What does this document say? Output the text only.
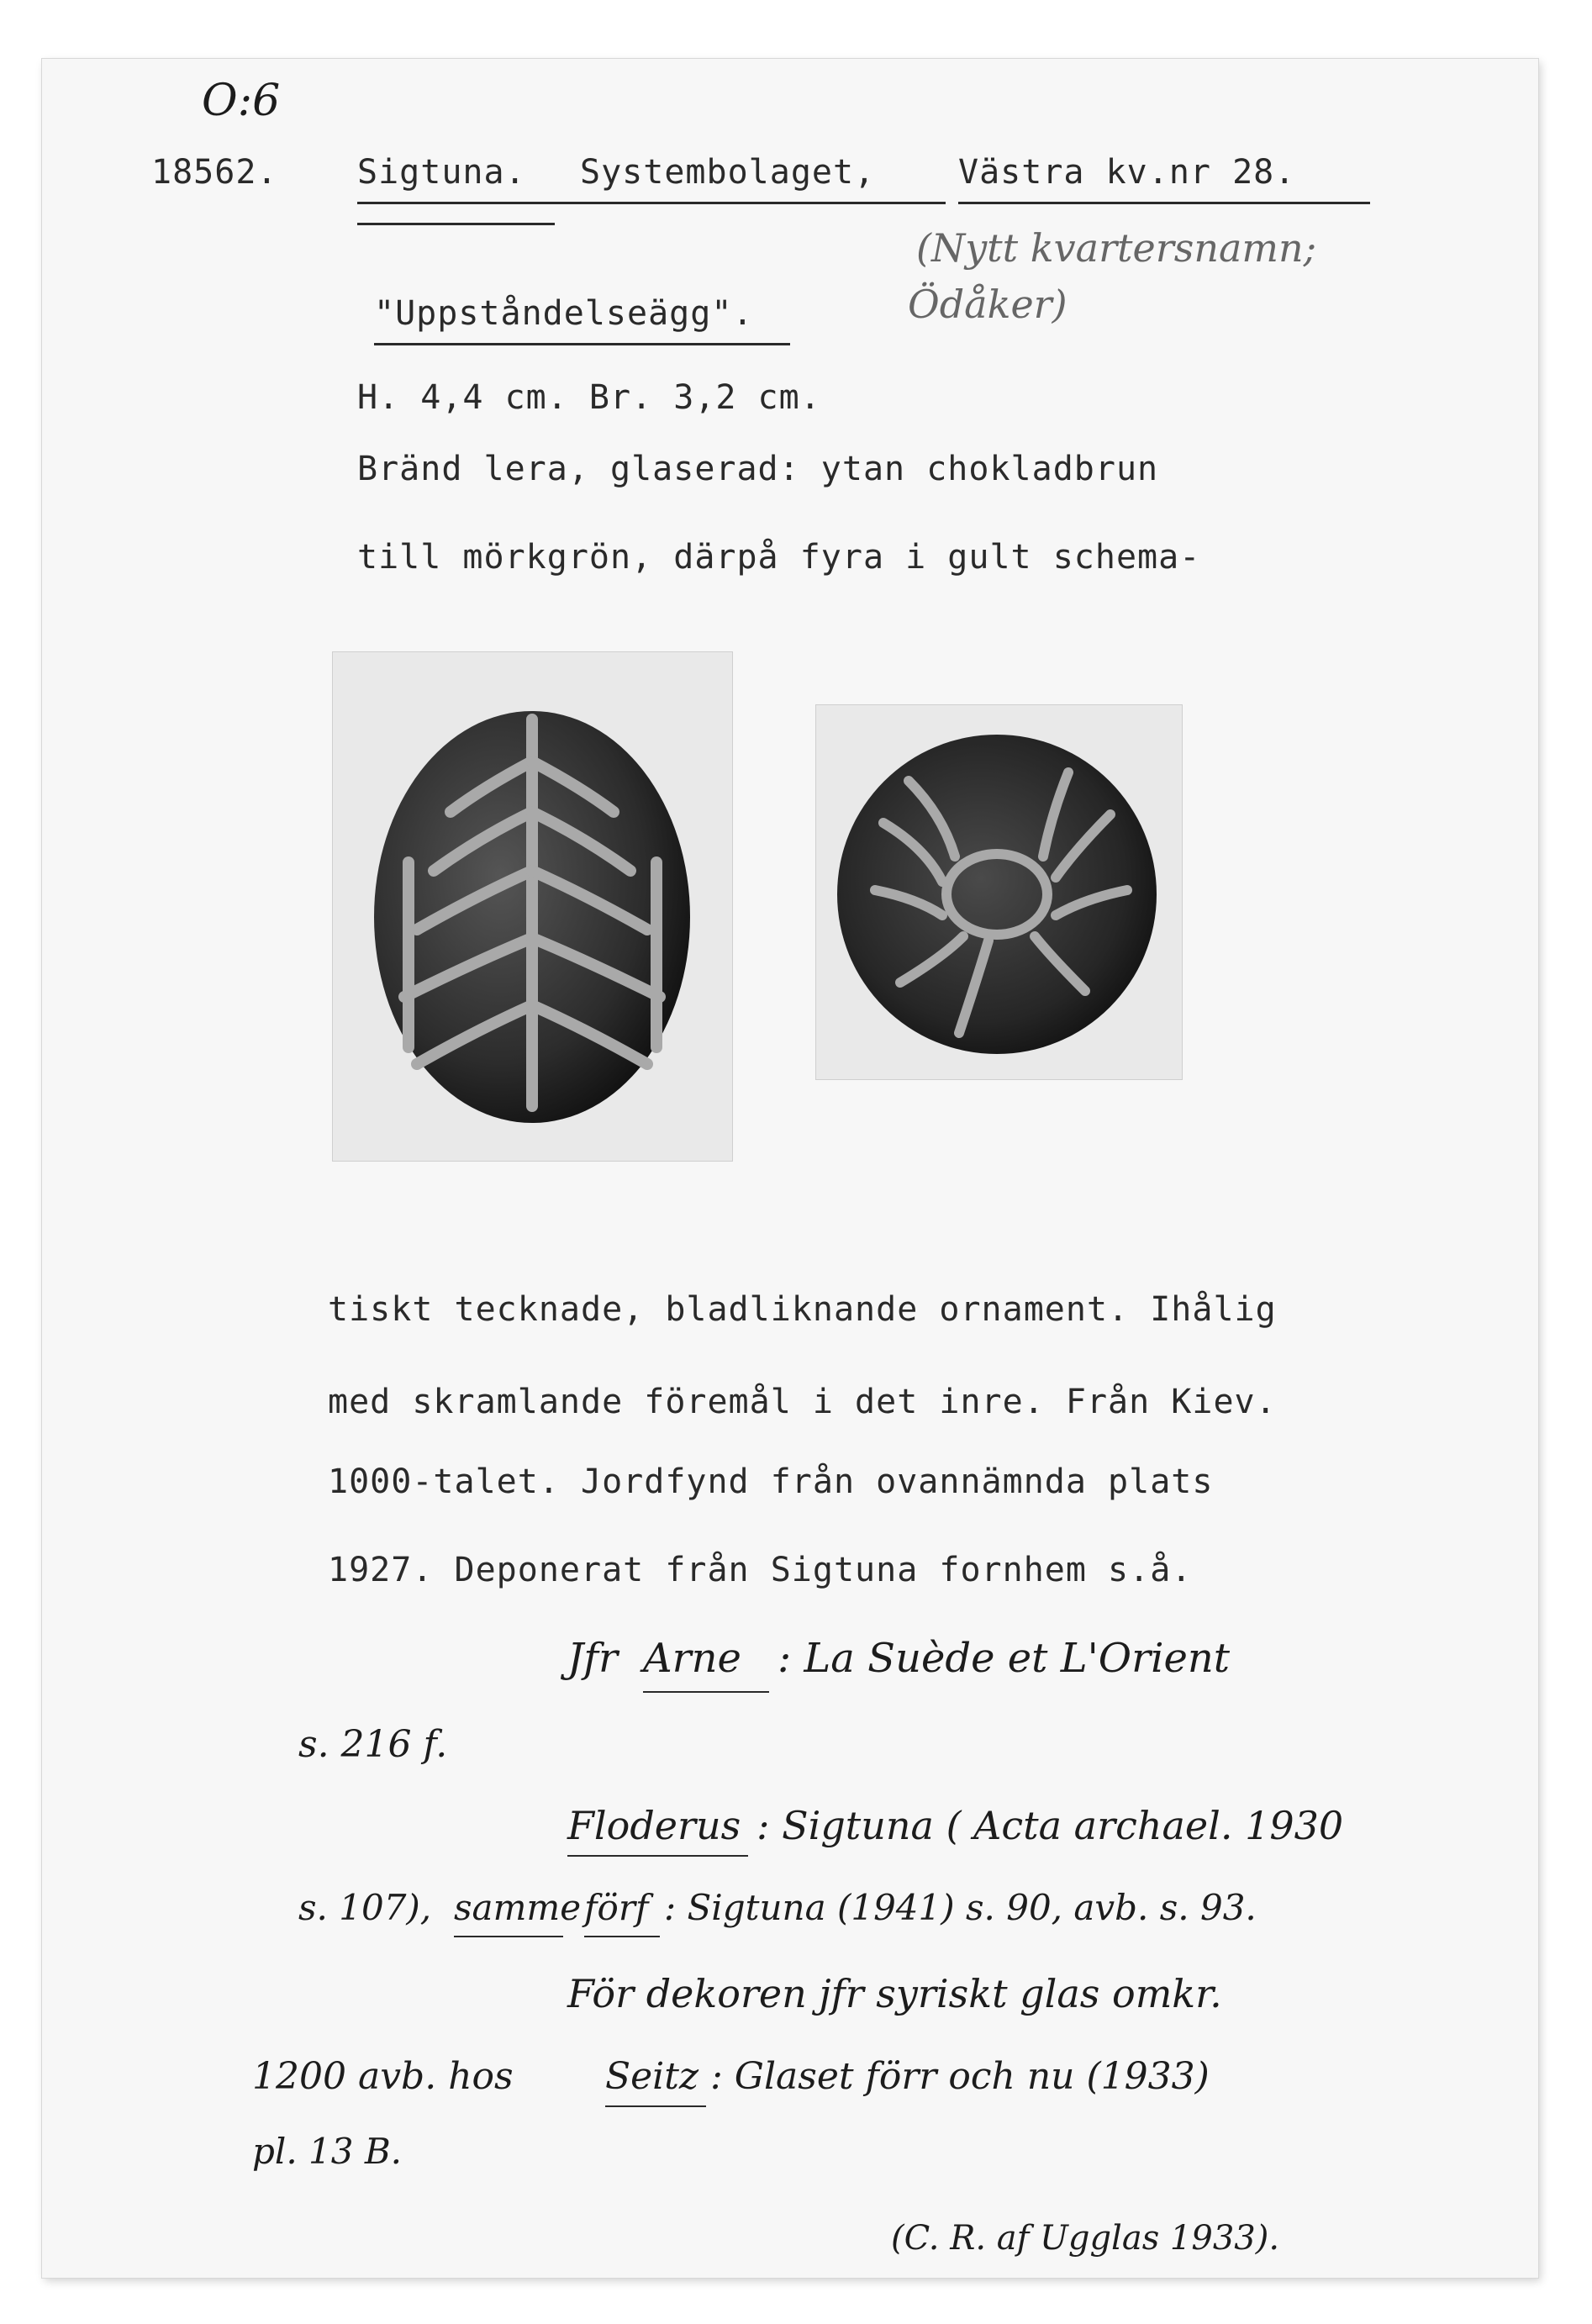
O:6
18562. Sigtuna. Systembolaget, Västra kv.nr 28.
(Nytt kvartersnamn;
Ödåker)
"Uppståndelseägg".
H. 4,4 cm. Br. 3,2 cm.
Bränd lera, glaserad: ytan chokladbrun
till mörkgrön, därpå fyra i gult schema-
tiskt tecknade, bladliknande ornament. Ihålig
med skramlande föremål i det inre. Från Kiev.
1000-talet. Jordfynd från ovannämnda plats
1927. Deponerat från Sigtuna fornhem s.å.
Jfr Arne : La Suède et L'Orient
s. 216 f.
Floderus : Sigtuna ( Acta archael. 1930
s. 107), samme förf : Sigtuna (1941) s. 90, avb. s. 93.
För dekoren jfr syriskt glas omkr.
1200 avb. hos Seitz : Glaset förr och nu (1933)
pl. 13 B.
(C. R. af Ugglas 1933).
